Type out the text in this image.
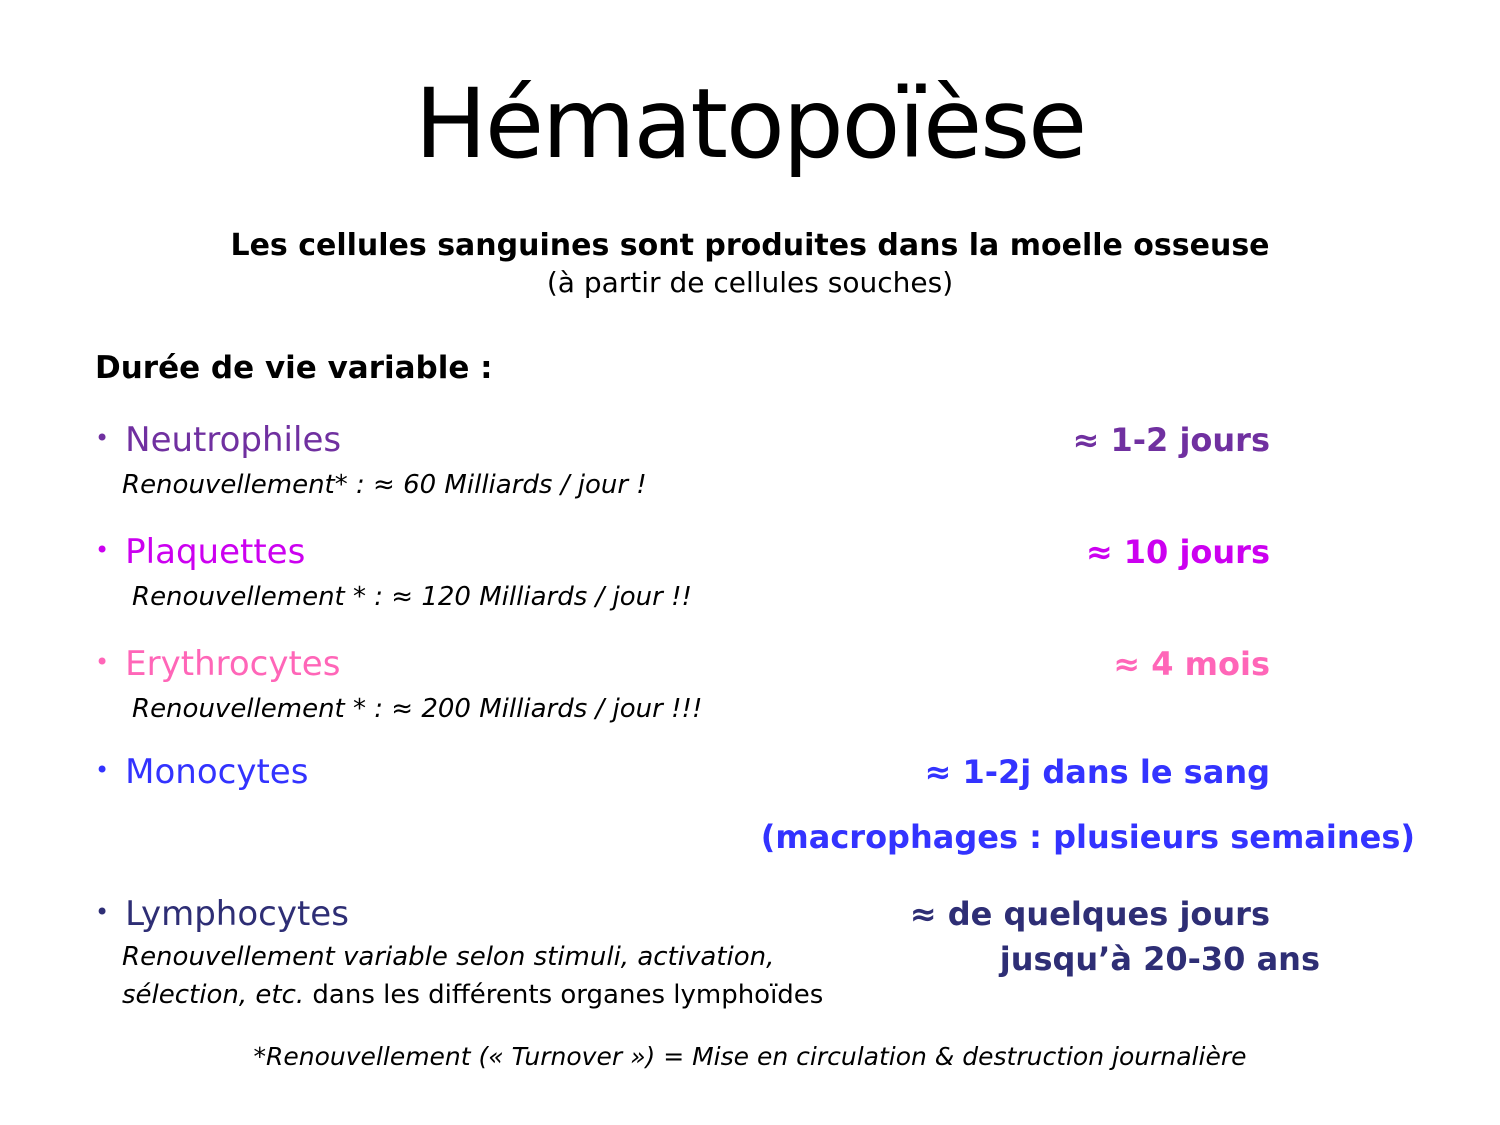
Hématopoïèse
Les cellules sanguines sont produites dans la moelle osseuse
(à partir de cellules souches)
Durée de vie variable :
• Neutrophiles	≈ 1-2 jours
Renouvellement* : ≈ 60 Milliards / jour !
• Plaquettes	≈ 10 jours
Renouvellement * : ≈ 120 Milliards / jour !!
• Erythrocytes	≈ 4 mois
Renouvellement * : ≈ 200 Milliards / jour !!!
• Monocytes	≈ 1-2j dans le sang
(macrophages : plusieurs semaines)
• Lymphocytes	≈ de quelques jours
jusqu’à 20-30 ans
Renouvellement variable selon stimuli, activation,
sélection, etc. dans les différents organes lymphoïdes
*Renouvellement (« Turnover ») = Mise en circulation & destruction journalière
